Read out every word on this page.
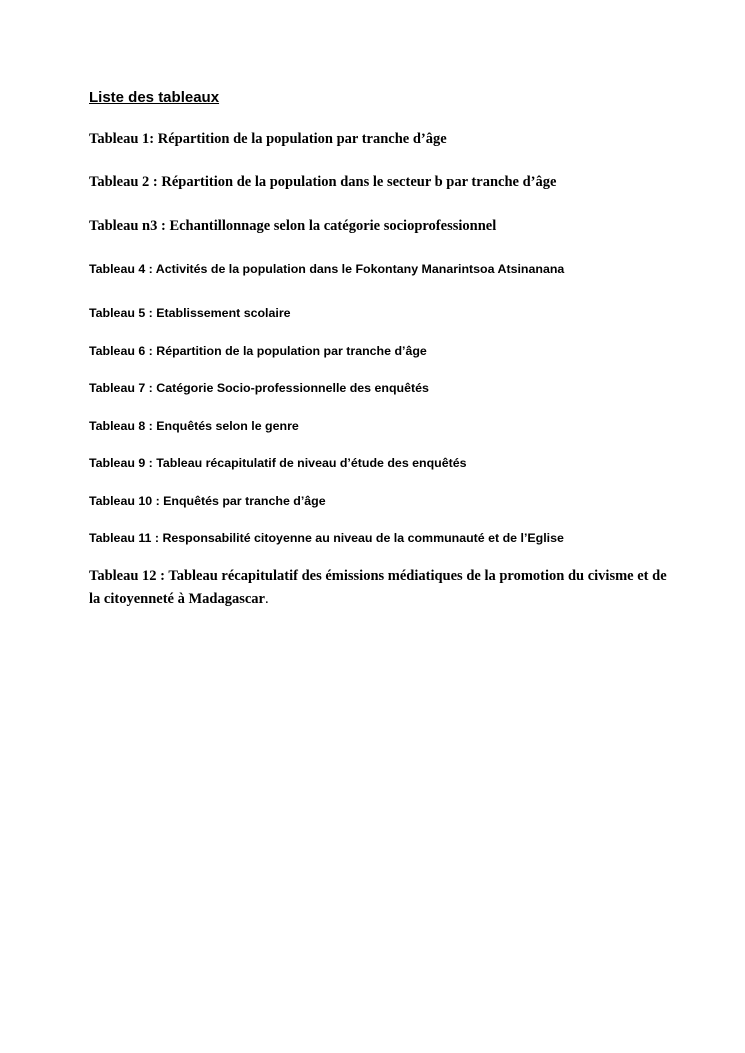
Liste des tableaux
Tableau 1: Répartition de la population par tranche d’âge
Tableau 2 : Répartition de la population dans le secteur b par tranche d’âge
Tableau n3 : Echantillonnage selon la catégorie socioprofessionnel
Tableau 4 : Activités de la population dans le Fokontany Manarintsoa Atsinanana
Tableau 5 : Etablissement scolaire
Tableau 6 : Répartition de la population par tranche d’âge
Tableau 7 : Catégorie Socio-professionnelle des enquêtés
Tableau 8 : Enquêtés selon le genre
Tableau 9 : Tableau récapitulatif de niveau d’étude des enquêtés
Tableau 10 : Enquêtés par tranche d’âge
Tableau 11 : Responsabilité citoyenne au niveau de la communauté et de l’Eglise
Tableau 12 : Tableau récapitulatif des émissions médiatiques de la promotion du civisme et de la citoyenneté à Madagascar.
